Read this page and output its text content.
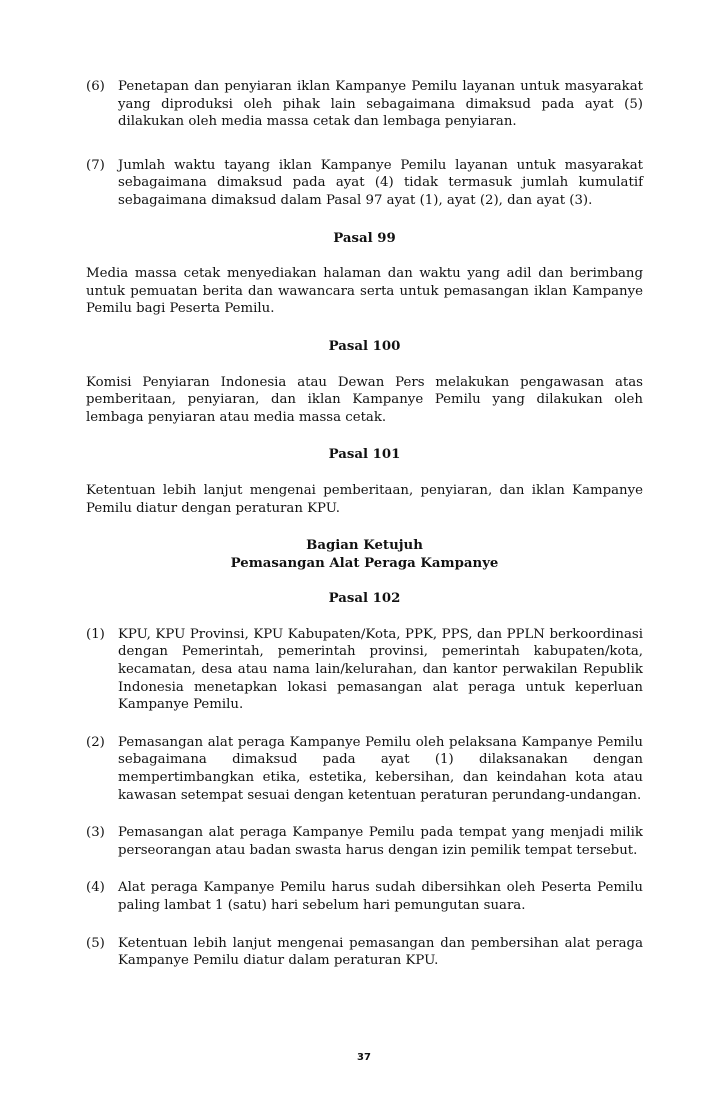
(6) Penetapan dan penyiaran iklan Kampanye Pemilu layanan untuk masyarakat yang diproduksi oleh pihak lain sebagaimana dimaksud pada ayat (5) dilakukan oleh media massa cetak dan lembaga penyiaran.
(7) Jumlah waktu tayang iklan Kampanye Pemilu layanan untuk masyarakat sebagaimana dimaksud pada ayat (4) tidak termasuk jumlah kumulatif sebagaimana dimaksud dalam Pasal 97 ayat (1), ayat (2), dan ayat (3).
Pasal 99

Media massa cetak menyediakan halaman dan waktu yang adil dan berimbang untuk pemuatan berita dan wawancara serta untuk pemasangan iklan Kampanye Pemilu bagi Peserta Pemilu.

Pasal 100

Komisi Penyiaran Indonesia atau Dewan Pers melakukan pengawasan atas pemberitaan, penyiaran, dan iklan Kampanye Pemilu yang dilakukan oleh lembaga penyiaran atau media massa cetak.

Pasal 101

Ketentuan lebih lanjut mengenai pemberitaan, penyiaran, dan iklan Kampanye Pemilu diatur dengan peraturan KPU.

Bagian Ketujuh
Pemasangan Alat Peraga Kampanye
Pasal 102
(1) KPU, KPU Provinsi, KPU Kabupaten/Kota, PPK, PPS, dan PPLN berkoordinasi dengan Pemerintah, pemerintah provinsi, pemerintah kabupaten/kota, kecamatan, desa atau nama lain/kelurahan, dan kantor perwakilan Republik Indonesia menetapkan lokasi pemasangan alat peraga untuk keperluan Kampanye Pemilu.
(2) Pemasangan alat peraga Kampanye Pemilu oleh pelaksana Kampanye Pemilu sebagaimana dimaksud pada ayat (1) dilaksanakan dengan mempertimbangkan etika, estetika, kebersihan, dan keindahan kota atau kawasan setempat sesuai dengan ketentuan peraturan perundang-undangan.
(3) Pemasangan alat peraga Kampanye Pemilu pada tempat yang menjadi milik perseorangan atau badan swasta harus dengan izin pemilik tempat tersebut.
(4) Alat peraga Kampanye Pemilu harus sudah dibersihkan oleh Peserta Pemilu paling lambat 1 (satu) hari sebelum hari pemungutan suara.
(5) Ketentuan lebih lanjut mengenai pemasangan dan pembersihan alat peraga Kampanye Pemilu diatur dalam peraturan KPU.
37
